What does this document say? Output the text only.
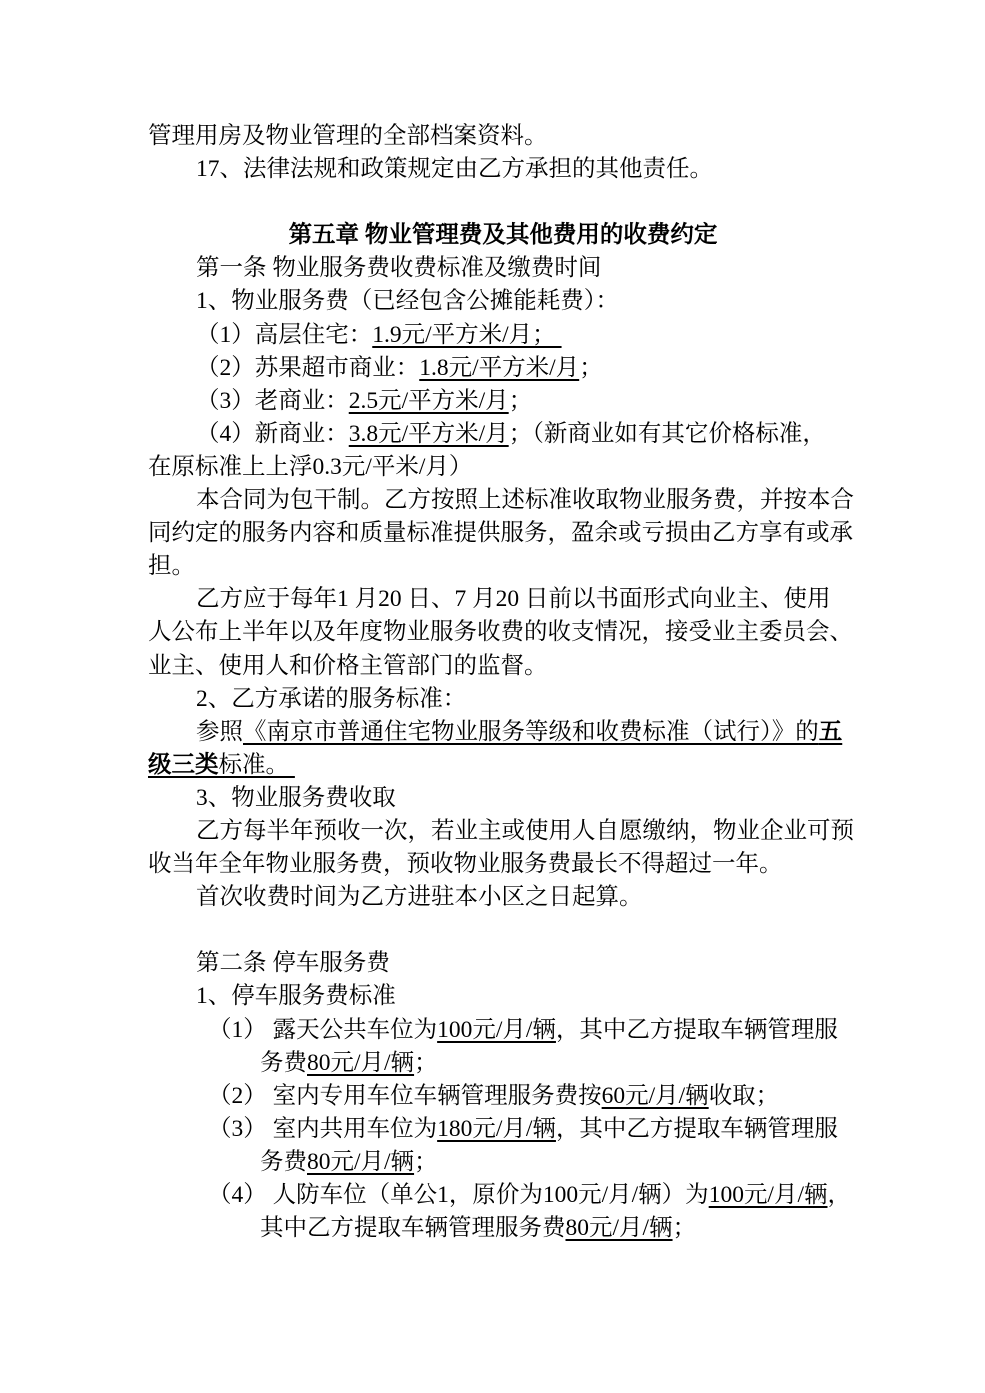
管理用房及物业管理的全部档案资料。
17、法律法规和政策规定由乙方承担的其他责任。
第五章 物业管理费及其他费用的收费约定
第一条 物业服务费收费标准及缴费时间
1、物业服务费（已经包含公摊能耗费）：
（1）高层住宅：1.9元/平方米/月；
（2）苏果超市商业：1.8元/平方米/月；
（3）老商业：2.5元/平方米/月；
（4）新商业：3.8元/平方米/月；（新商业如有其它价格标准，
在原标准上上浮0.3元/平米/月）
本合同为包干制。乙方按照上述标准收取物业服务费，并按本合
同约定的服务内容和质量标准提供服务，盈余或亏损由乙方享有或承
担。
乙方应于每年1 月20 日、7 月20 日前以书面形式向业主、使用
人公布上半年以及年度物业服务收费的收支情况，接受业主委员会、
业主、使用人和价格主管部门的监督。
2、乙方承诺的服务标准：
参照《南京市普通住宅物业服务等级和收费标准（试行）》的五
级三类标准。
3、物业服务费收取
乙方每半年预收一次，若业主或使用人自愿缴纳，物业企业可预
收当年全年物业服务费，预收物业服务费最长不得超过一年。
首次收费时间为乙方进驻本小区之日起算。
第二条 停车服务费
1、停车服务费标准
（1） 露天公共车位为100元/月/辆，其中乙方提取车辆管理服
务费80元/月/辆；
（2） 室内专用车位车辆管理服务费按60元/月/辆收取；
（3） 室内共用车位为180元/月/辆，其中乙方提取车辆管理服
务费80元/月/辆；
（4） 人防车位（单公1，原价为100元/月/辆）为100元/月/辆，
其中乙方提取车辆管理服务费80元/月/辆；
